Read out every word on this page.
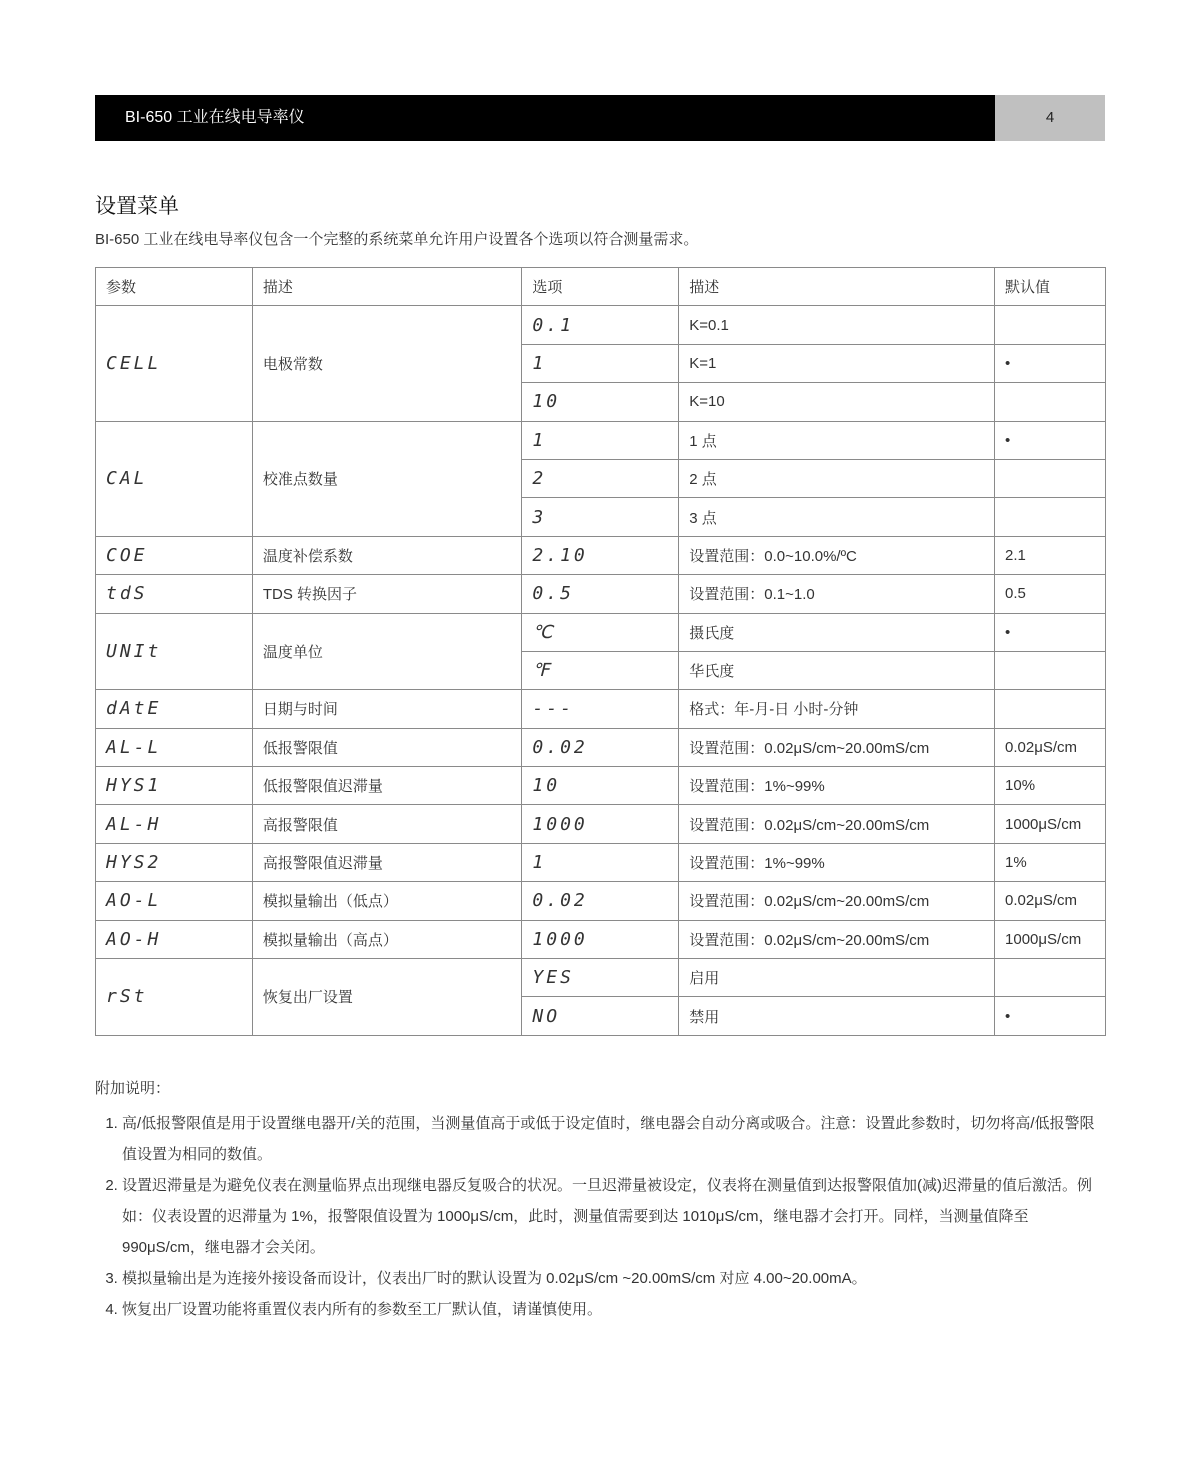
BI-650 工业在线电导率仪	4
设置菜单
BI-650 工业在线电导率仪包含一个完整的系统菜单允许用户设置各个选项以符合测量需求。
参数	描述	选项	描述	默认值
CELL	电极常数	0.1	K=0.1	
		1	K=1	•
		10	K=10	
CAL	校准点数量	1	1 点	•
		2	2 点	
		3	3 点	
COE	温度补偿系数	2.10	设置范围：0.0~10.0%/ºC	2.1
tdS	TDS 转换因子	0.5	设置范围：0.1~1.0	0.5
UNIt	温度单位	℃	摄氏度	•
		℉	华氏度	
dAtE	日期与时间	---	格式：年-月-日 小时-分钟	
AL-L	低报警限值	0.02	设置范围：0.02μS/cm~20.00mS/cm	0.02μS/cm
HYS1	低报警限值迟滞量	10	设置范围：1%~99%	10%
AL-H	高报警限值	1000	设置范围：0.02μS/cm~20.00mS/cm	1000μS/cm
HYS2	高报警限值迟滞量	1	设置范围：1%~99%	1%
AO-L	模拟量输出（低点）	0.02	设置范围：0.02μS/cm~20.00mS/cm	0.02μS/cm
AO-H	模拟量输出（高点）	1000	设置范围：0.02μS/cm~20.00mS/cm	1000μS/cm
rSt	恢复出厂设置	YES	启用	
		NO	禁用	•
附加说明：
1. 高/低报警限值是用于设置继电器开/关的范围，当测量值高于或低于设定值时，继电器会自动分离或吸合。注意：设置此参数时，切勿将高/低报警限值设置为相同的数值。
2. 设置迟滞量是为避免仪表在测量临界点出现继电器反复吸合的状况。一旦迟滞量被设定，仪表将在测量值到达报警限值加(减)迟滞量的值后激活。例如：仪表设置的迟滞量为 1%，报警限值设置为 1000μS/cm，此时，测量值需要到达 1010μS/cm，继电器才会打开。同样，当测量值降至 990μS/cm，继电器才会关闭。
3. 模拟量输出是为连接外接设备而设计，仪表出厂时的默认设置为 0.02μS/cm ~20.00mS/cm 对应 4.00~20.00mA。
4. 恢复出厂设置功能将重置仪表内所有的参数至工厂默认值，请谨慎使用。
